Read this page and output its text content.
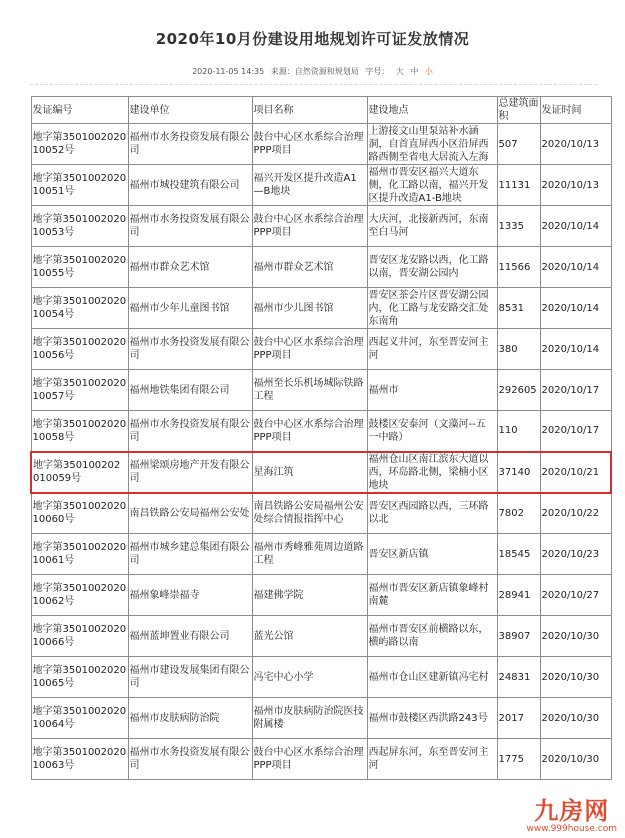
2020年10月份建设用地规划许可证发放情况
2020-11-05 14:35 来源：自然资源和规划局 字号： 大 中 小
发证编号	建设单位	项目名称	建设地点	总建筑面积	发证时间
地字第350100202010052号	福州市水务投资发展有限公司	鼓台中心区水系综合治理PPP项目	上游接文山里泵站补水涵洞，自首直屏西小区沿屏西路西侧至省电大居流入左海	507	2020/10/13
地字第350100202010051号	福州市城投建筑有限公司	福兴开发区提升改造A1—B地块	福州市晋安区福兴大道东侧，化工路以南，福兴开发区提升改造A1-B地块	11131	2020/10/13
地字第350100202010053号	福州市水务投资发展有限公司	鼓台中心区水系综合治理PPP项目	大庆河，北接新西河，东南至白马河	1335	2020/10/14
地字第350100202010055号	福州市群众艺术馆	福州市群众艺术馆	晋安区龙安路以西，化工路以南，晋安湖公园内	11566	2020/10/14
地字第350100202010054号	福州市少年儿童图书馆	福州市少儿图书馆	晋安区茶会片区晋安湖公园内，化工路与龙安路交汇处东南角	8531	2020/10/14
地字第350100202010056号	福州市水务投资发展有限公司	鼓台中心区水系综合治理PPP项目	西起义井河，东至晋安河主河	380	2020/10/14
地字第350100202010057号	福州地铁集团有限公司	福州至长乐机场城际铁路工程	福州市	292605	2020/10/17
地字第350100202010058号	福州市水务投资发展有限公司	鼓台中心区水系综合治理PPP项目	鼓楼区安泰河（文藻河--五一中路）	110	2020/10/17
地字第350100202010059号	福州梁颂房地产开发有限公司	星海江筑	福州仓山区南江滨东大道以西，环岛路北侧，梁楠小区地块	37140	2020/10/21
地字第350100202010060号	南昌铁路公安局福州公安处	南昌铁路公安局福州公安处综合情报指挥中心	晋安区西园路以西，三环路以北	7802	2020/10/22
地字第350100202010061号	福州市城乡建总集团有限公司	福州市秀峰雅苑周边道路工程	晋安区新店镇	18545	2020/10/23
地字第350100202010062号	福州象峰崇福寺	福建佛学院	福州市晋安区新店镇象峰村南麓	28941	2020/10/27
地字第350100202010066号	福州蓝坤置业有限公司	蓝光公馆	福州市晋安区前横路以东，横屿路以南	38907	2020/10/30
地字第350100202010065号	福州市建设发展集团有限公司	冯宅中心小学	福州市仓山区建新镇冯宅村	24831	2020/10/30
地字第350100202010064号	福州市皮肤病防治院	福州市皮肤病防治院医技附属楼	福州市鼓楼区西洪路243号	2017	2020/10/30
地字第350100202010063号	福州市水务投资发展有限公司	鼓台中心区水系综合治理PPP项目	西起屏东河，东至晋安河主河	1775	2020/10/30
九房网
www.999house.com
